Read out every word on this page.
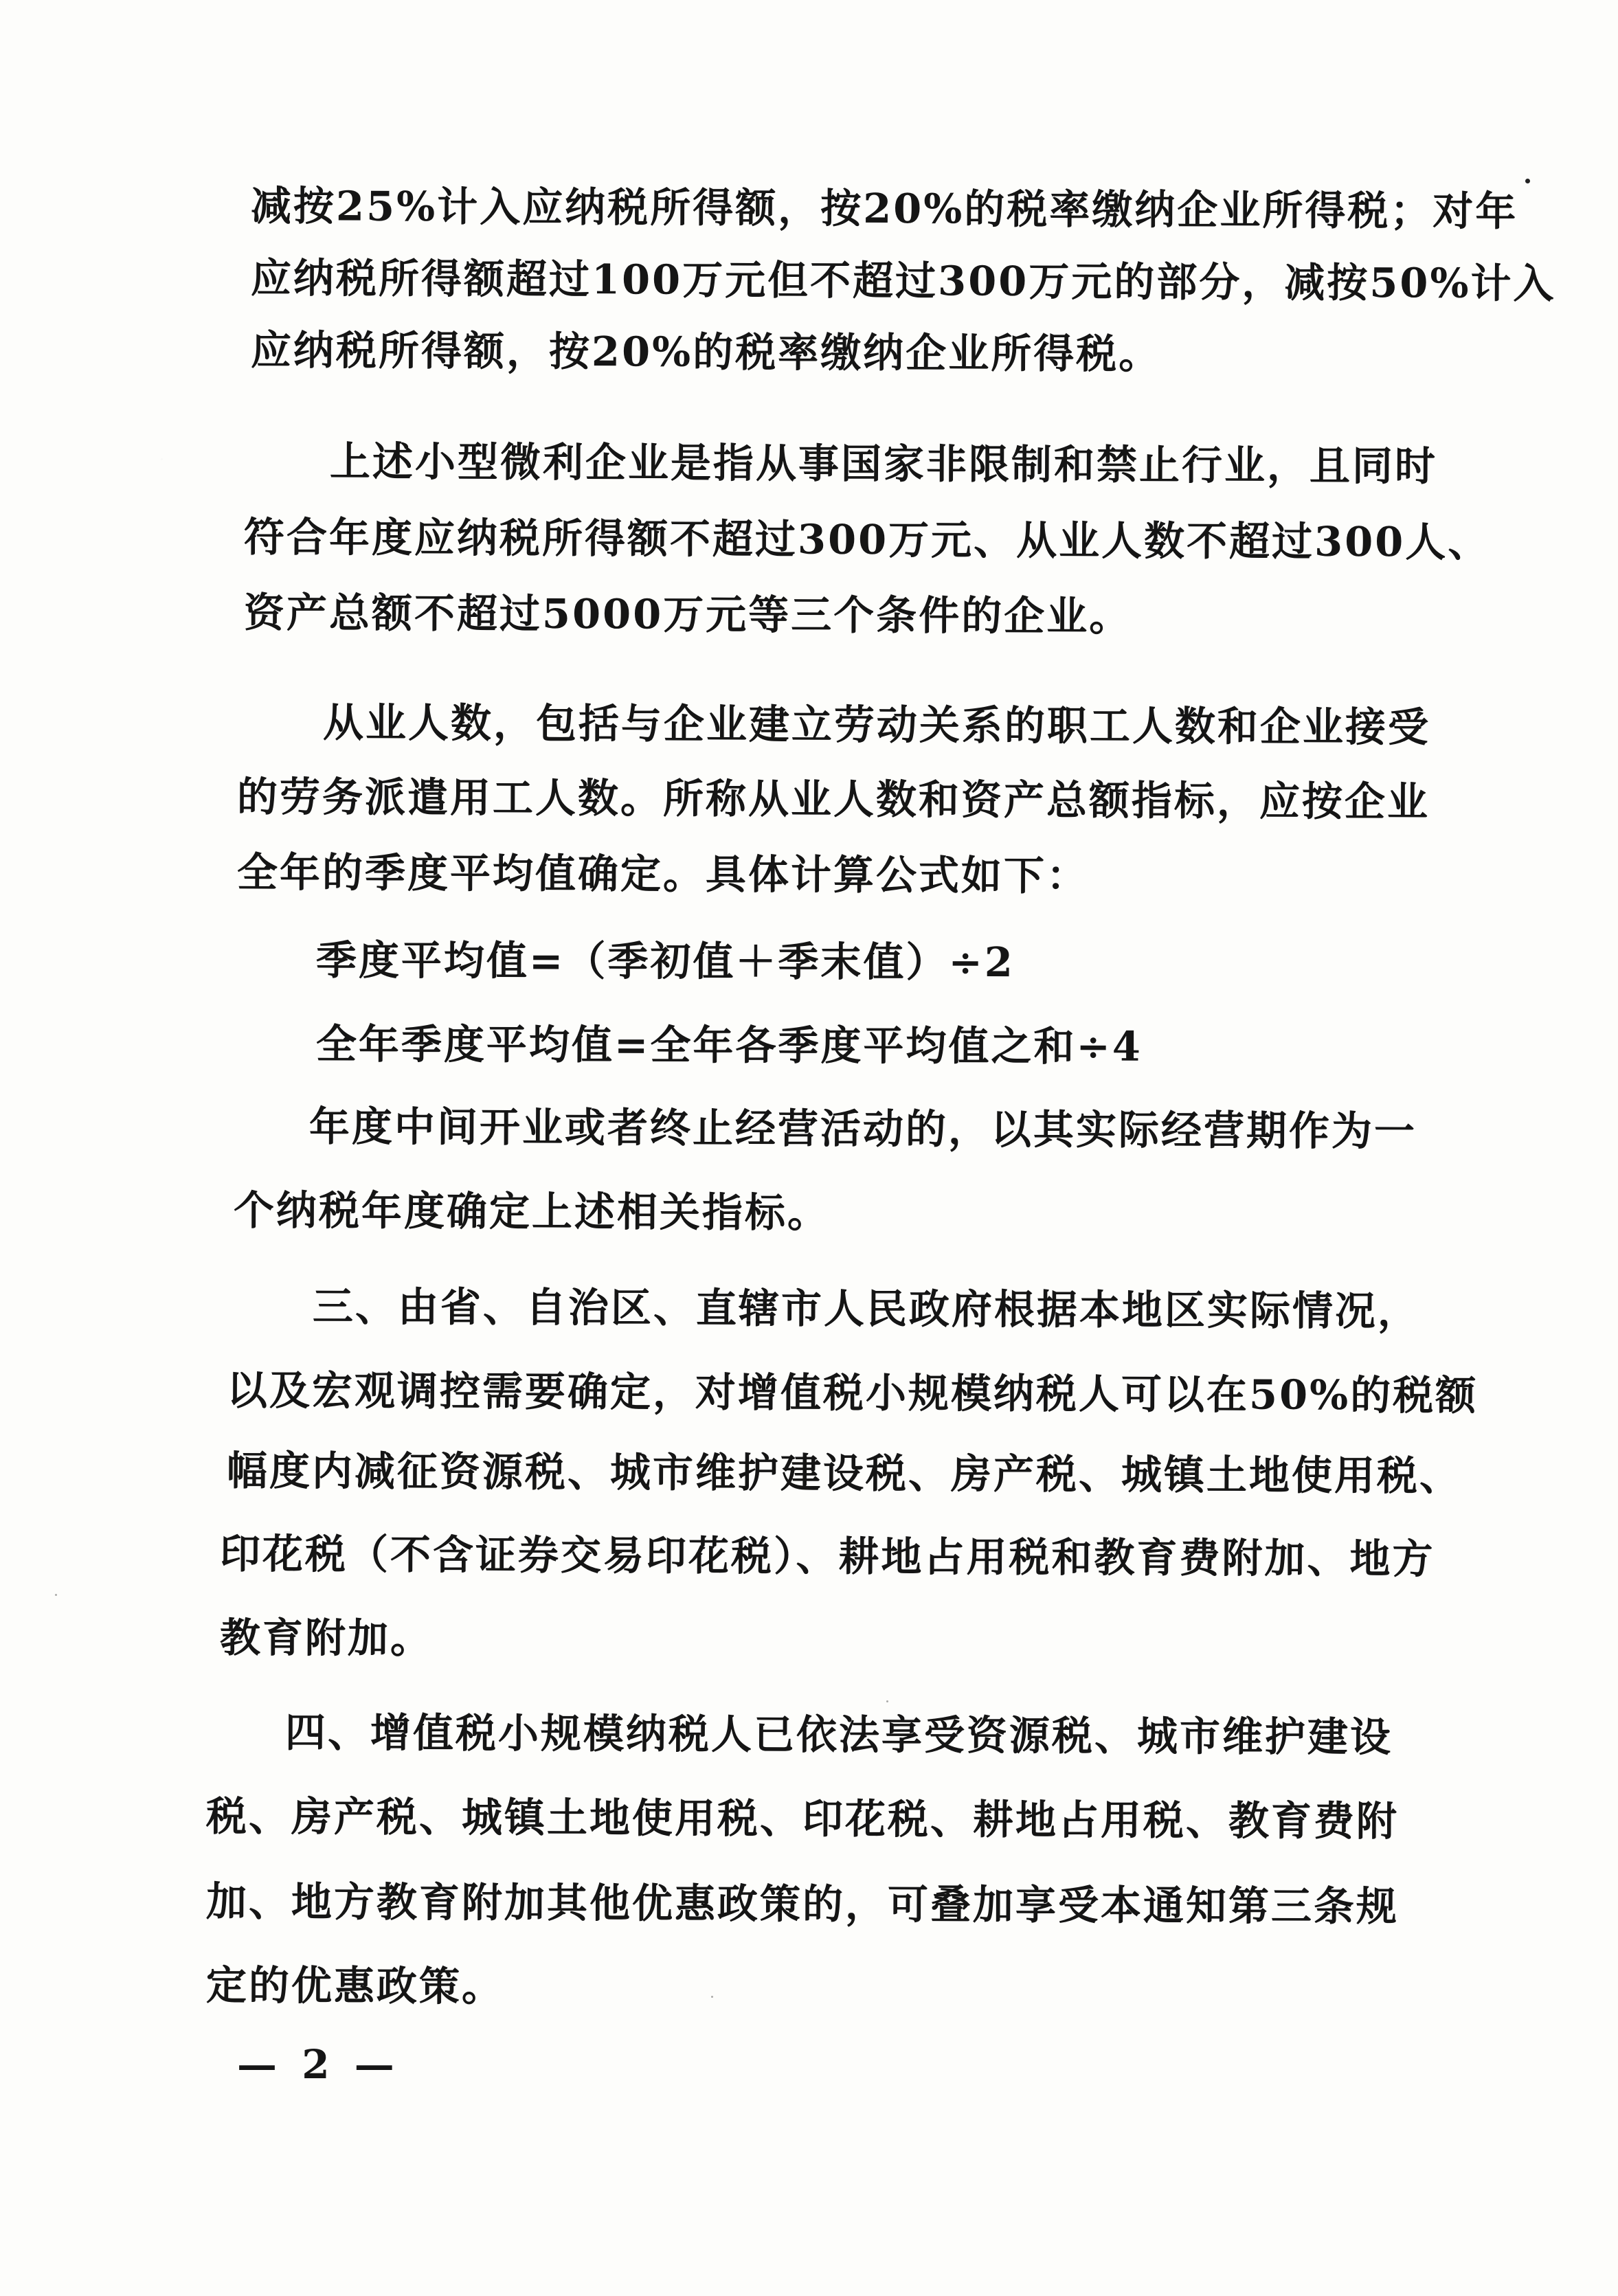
减按25%计入应纳税所得额，按20%的税率缴纳企业所得税；对年

应纳税所得额超过100万元但不超过300万元的部分，减按50%计入

应纳税所得额，按20%的税率缴纳企业所得税。

上述小型微利企业是指从事国家非限制和禁止行业，且同时

符合年度应纳税所得额不超过300万元、从业人数不超过300人、

资产总额不超过5000万元等三个条件的企业。

从业人数，包括与企业建立劳动关系的职工人数和企业接受

的劳务派遣用工人数。所称从业人数和资产总额指标，应按企业

全年的季度平均值确定。具体计算公式如下：

季度平均值=（季初值＋季末值）÷2

全年季度平均值=全年各季度平均值之和÷4

年度中间开业或者终止经营活动的，以其实际经营期作为一

个纳税年度确定上述相关指标。

三、由省、自治区、直辖市人民政府根据本地区实际情况，

以及宏观调控需要确定，对增值税小规模纳税人可以在50%的税额

幅度内减征资源税、城市维护建设税、房产税、城镇土地使用税、

印花税（不含证券交易印花税）、耕地占用税和教育费附加、地方

教育附加。

四、增值税小规模纳税人已依法享受资源税、城市维护建设

税、房产税、城镇土地使用税、印花税、耕地占用税、教育费附

加、地方教育附加其他优惠政策的，可叠加享受本通知第三条规

定的优惠政策。

— 2 —
